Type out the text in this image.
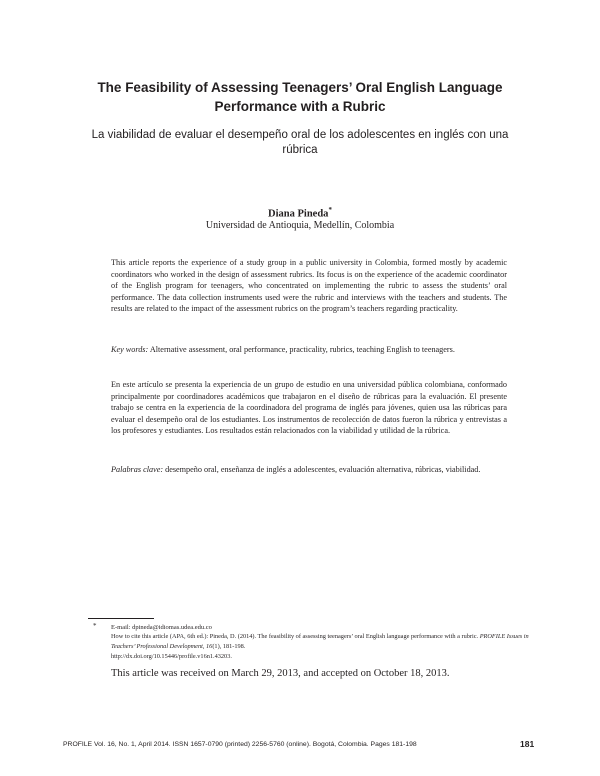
The Feasibility of Assessing Teenagers’ Oral English Language Performance with a Rubric

La viabilidad de evaluar el desempeño oral de los adolescentes en inglés con una rúbrica

Diana Pineda*

Universidad de Antioquia, Medellín, Colombia

This article reports the experience of a study group in a public university in Colombia, formed mostly by academic coordinators who worked in the design of assessment rubrics. Its focus is on the experience of the academic coordinator of the English program for teenagers, who concentrated on implementing the rubric to assess the students’ oral performance. The data collection instruments used were the rubric and interviews with the teachers and students. The results are related to the impact of the assessment rubrics on the program’s teachers regarding practicality.

Key words: Alternative assessment, oral performance, practicality, rubrics, teaching English to teenagers.

En este artículo se presenta la experiencia de un grupo de estudio en una universidad pública colombiana, conformado principalmente por coordinadores académicos que trabajaron en el diseño de rúbricas para la evaluación. El presente trabajo se centra en la experiencia de la coordinadora del programa de inglés para jóvenes, quien usa las rúbricas para evaluar el desempeño oral de los estudiantes. Los instrumentos de recolección de datos fueron la rúbrica y entrevistas a los profesores y estudiantes. Los resultados están relacionados con la viabilidad y utilidad de la rúbrica.

Palabras clave: desempeño oral, enseñanza de inglés a adolescentes, evaluación alternativa, rúbricas, viabilidad.

* E-mail: dpineda@idiomas.udea.edu.co

How to cite this article (APA, 6th ed.): Pineda, D. (2014). The feasibility of assessing teenagers’ oral English language performance with a rubric. PROFILE Issues in Teachers’ Professional Development, 16(1), 181-198.
http://dx.doi.org/10.15446/profile.v16n1.43203.

This article was received on March 29, 2013, and accepted on October 18, 2013.

PROFILE Vol. 16, No. 1, April 2014. ISSN 1657-0790 (printed) 2256-5760 (online). Bogotá, Colombia. Pages 181-198	181
